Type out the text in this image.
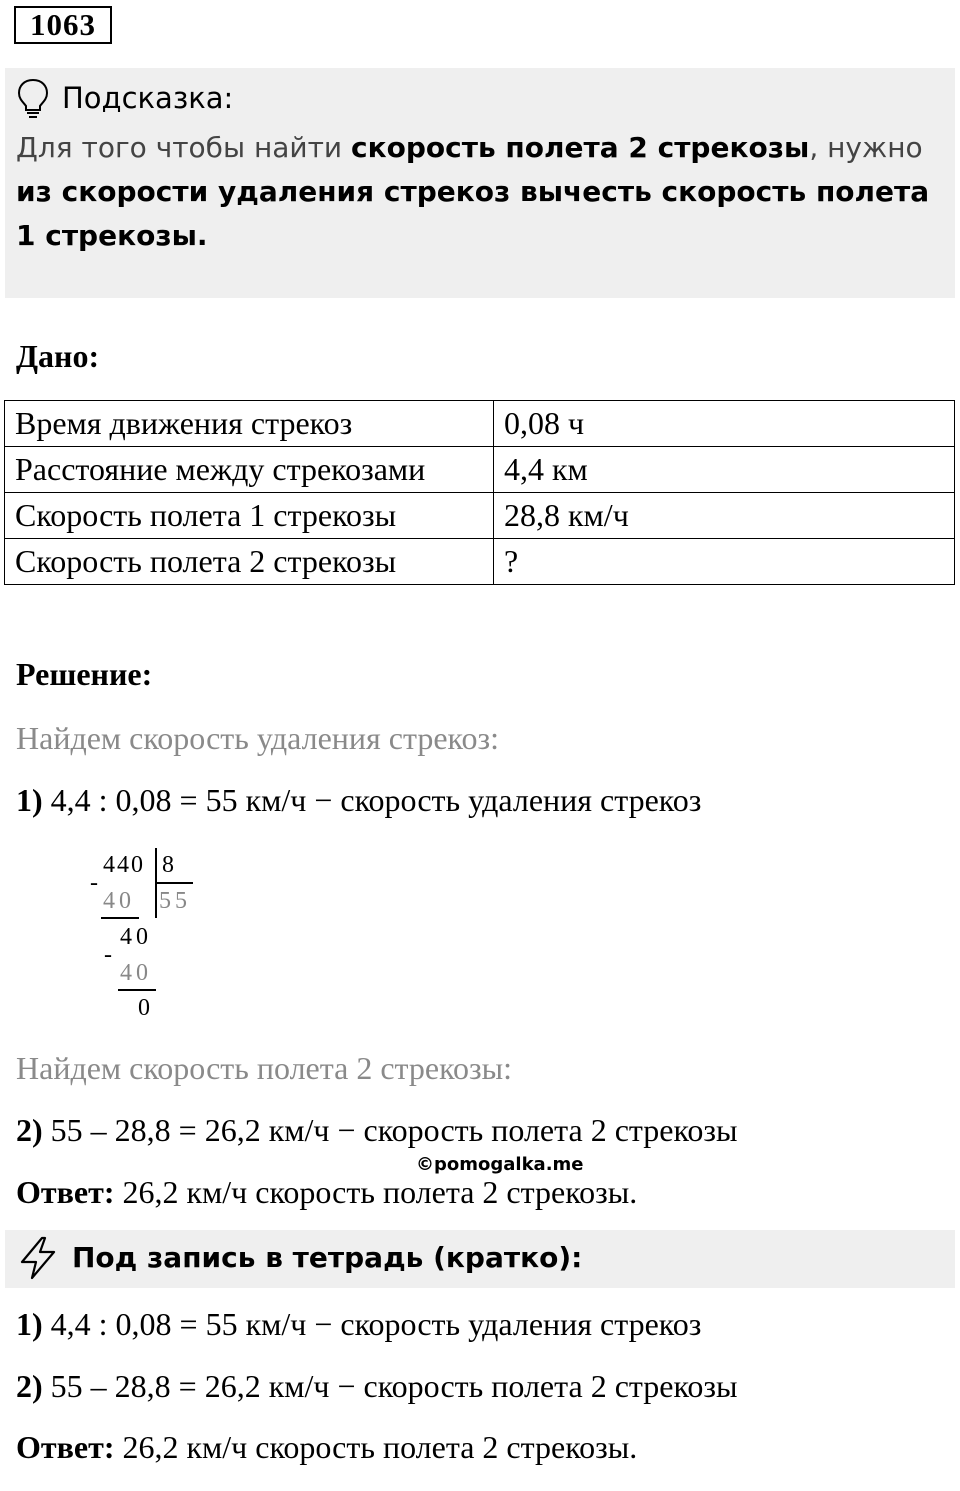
1063
Подсказка:
Для того чтобы найти скорость полета 2 стрекозы, нужно из скорости удаления стрекоз вычесть скорость полета 1 стрекозы.
Дано:
Время движения стрекоз	0,08 ч
Расстояние между стрекозами	4,4 км
Скорость полета 1 стрекозы	28,8 км/ч
Скорость полета 2 стрекозы	?
Решение:
Найдем скорость удаления стрекоз:
1) 4,4 : 0,08 = 55 км/ч − скорость удаления стрекоз
440 8
55
-
40
40
-
40
0
Найдем скорость полета 2 стрекозы:
2) 55 – 28,8 = 26,2 км/ч − скорость полета 2 стрекозы
©pomogalka.me
Ответ: 26,2 км/ч скорость полета 2 стрекозы.
Под запись в тетрадь (кратко):
1) 4,4 : 0,08 = 55 км/ч − скорость удаления стрекоз
2) 55 – 28,8 = 26,2 км/ч − скорость полета 2 стрекозы
Ответ: 26,2 км/ч скорость полета 2 стрекозы.
